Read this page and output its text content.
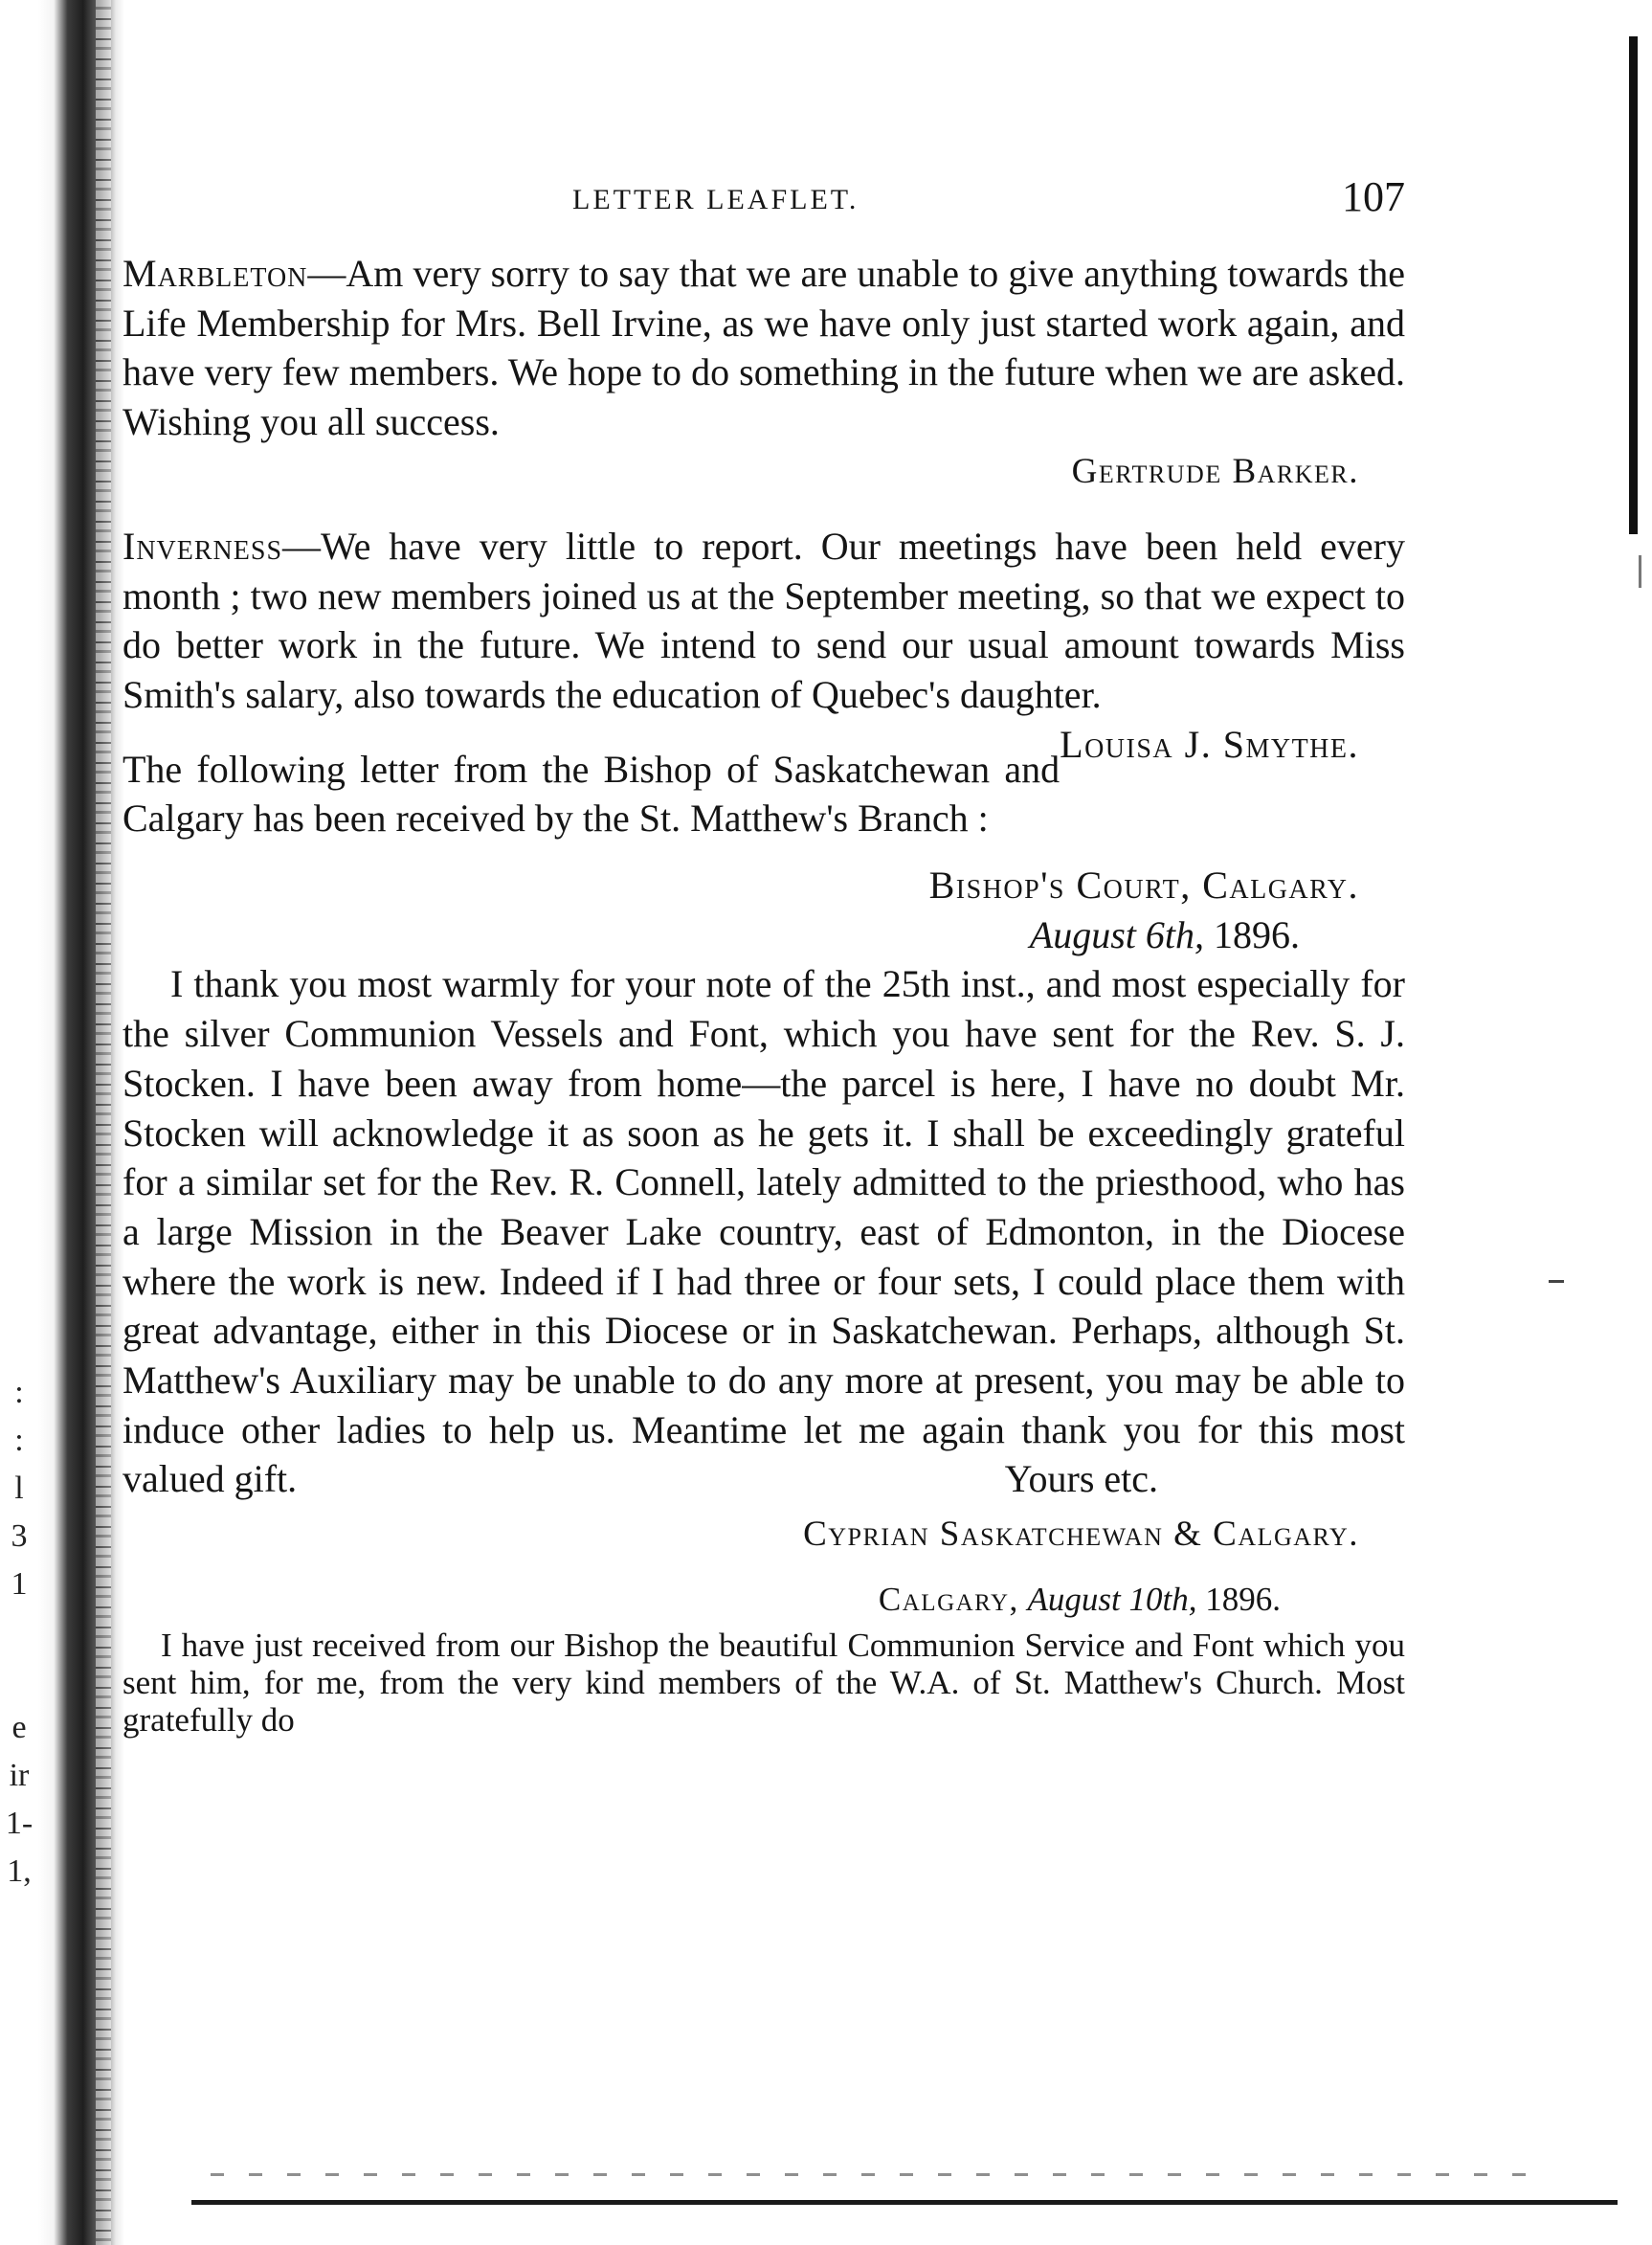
:
:
l
3
1

e
ir
1-
1,
LETTER LEAFLET.	107

Marbleton—Am very sorry to say that we are unable to give anything towards the Life Membership for Mrs. Bell Irvine, as we have only just started work again, and have very few members. We hope to do something in the future when we are asked. Wishing you all success.

Gertrude Barker.

Inverness—We have very little to report. Our meetings have been held every month ; two new members joined us at the September meeting, so that we expect to do better work in the future. We intend to send our usual amount towards Miss Smith's salary, also towards the education of Quebec's daughter.
Louisa J. Smythe.

The following letter from the Bishop of Saskatchewan and Calgary has been received by the St. Matthew's Branch :

Bishop's Court, Calgary.

August 6th, 1896.

I thank you most warmly for your note of the 25th inst., and most especially for the silver Communion Vessels and Font, which you have sent for the Rev. S. J. Stocken. I have been away from home—the parcel is here, I have no doubt Mr. Stocken will acknowledge it as soon as he gets it. I shall be exceedingly grateful for a similar set for the Rev. R. Connell, lately admitted to the priesthood, who has a large Mission in the Beaver Lake country, east of Edmonton, in the Diocese where the work is new. Indeed if I had three or four sets, I could place them with great advantage, either in this Diocese or in Saskatchewan. Perhaps, although St. Matthew's Auxiliary may be unable to do any more at present, you may be able to induce other ladies to help us. Meantime let me again thank you for this most valued gift.	Yours etc.

Cyprian Saskatchewan & Calgary.

Calgary, August 10th, 1896.

I have just received from our Bishop the beautiful Communion Service and Font which you sent him, for me, from the very kind members of the W.A. of St. Matthew's Church. Most gratefully do
